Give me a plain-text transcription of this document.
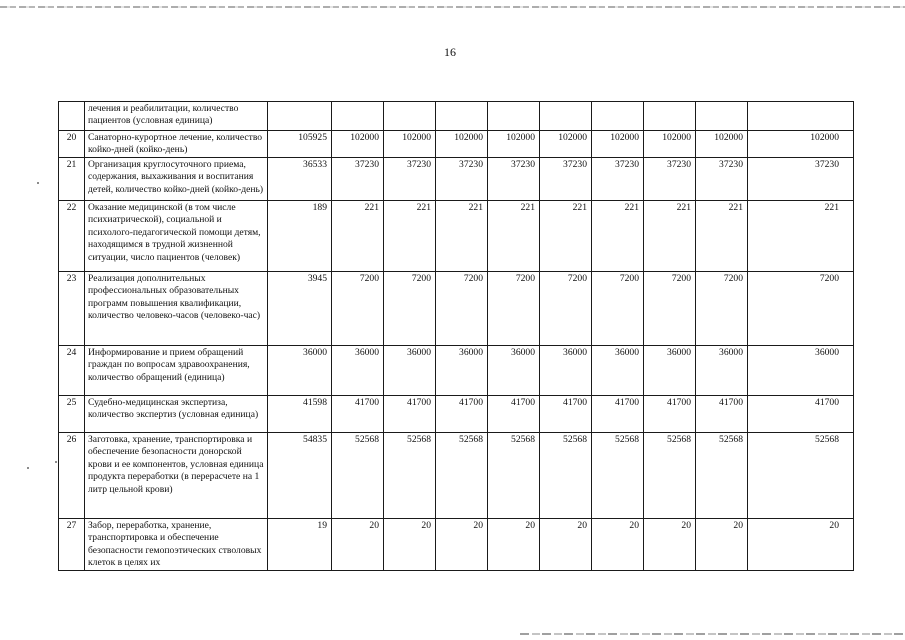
16
	лечения и реабилитации, количество пациентов (условная единица)										
20	Санаторно-курортное лечение, количество койко-дней (койко-день)	105925	102000	102000	102000	102000	102000	102000	102000	102000	102000
21	Организация круглосуточного приема, содержания, выхаживания и воспитания детей, количество койко-дней (койко-день)	36533	37230	37230	37230	37230	37230	37230	37230	37230	37230
22	Оказание медицинской (в том числе психиатрической), социальной и психолого-педагогической помощи детям, находящимся в трудной жизненной ситуации, число пациентов (человек)	189	221	221	221	221	221	221	221	221	221
23	Реализация дополнительных профессиональных образовательных программ повышения квалификации, количество человеко-часов (человеко-час)	3945	7200	7200	7200	7200	7200	7200	7200	7200	7200
24	Информирование и прием обращений граждан по вопросам здравоохранения, количество обращений (единица)	36000	36000	36000	36000	36000	36000	36000	36000	36000	36000
25	Судебно-медицинская экспертиза, количество экспертиз (условная единица)	41598	41700	41700	41700	41700	41700	41700	41700	41700	41700
26	Заготовка, хранение, транспортировка и обеспечение безопасности донорской крови и ее компонентов, условная единица продукта переработки (в перерасчете на 1 литр цельной крови)	54835	52568	52568	52568	52568	52568	52568	52568	52568	52568
27	Забор, переработка, хранение, транспортировка и обеспечение безопасности гемопоэтических стволовых клеток в целях их	19	20	20	20	20	20	20	20	20	20
